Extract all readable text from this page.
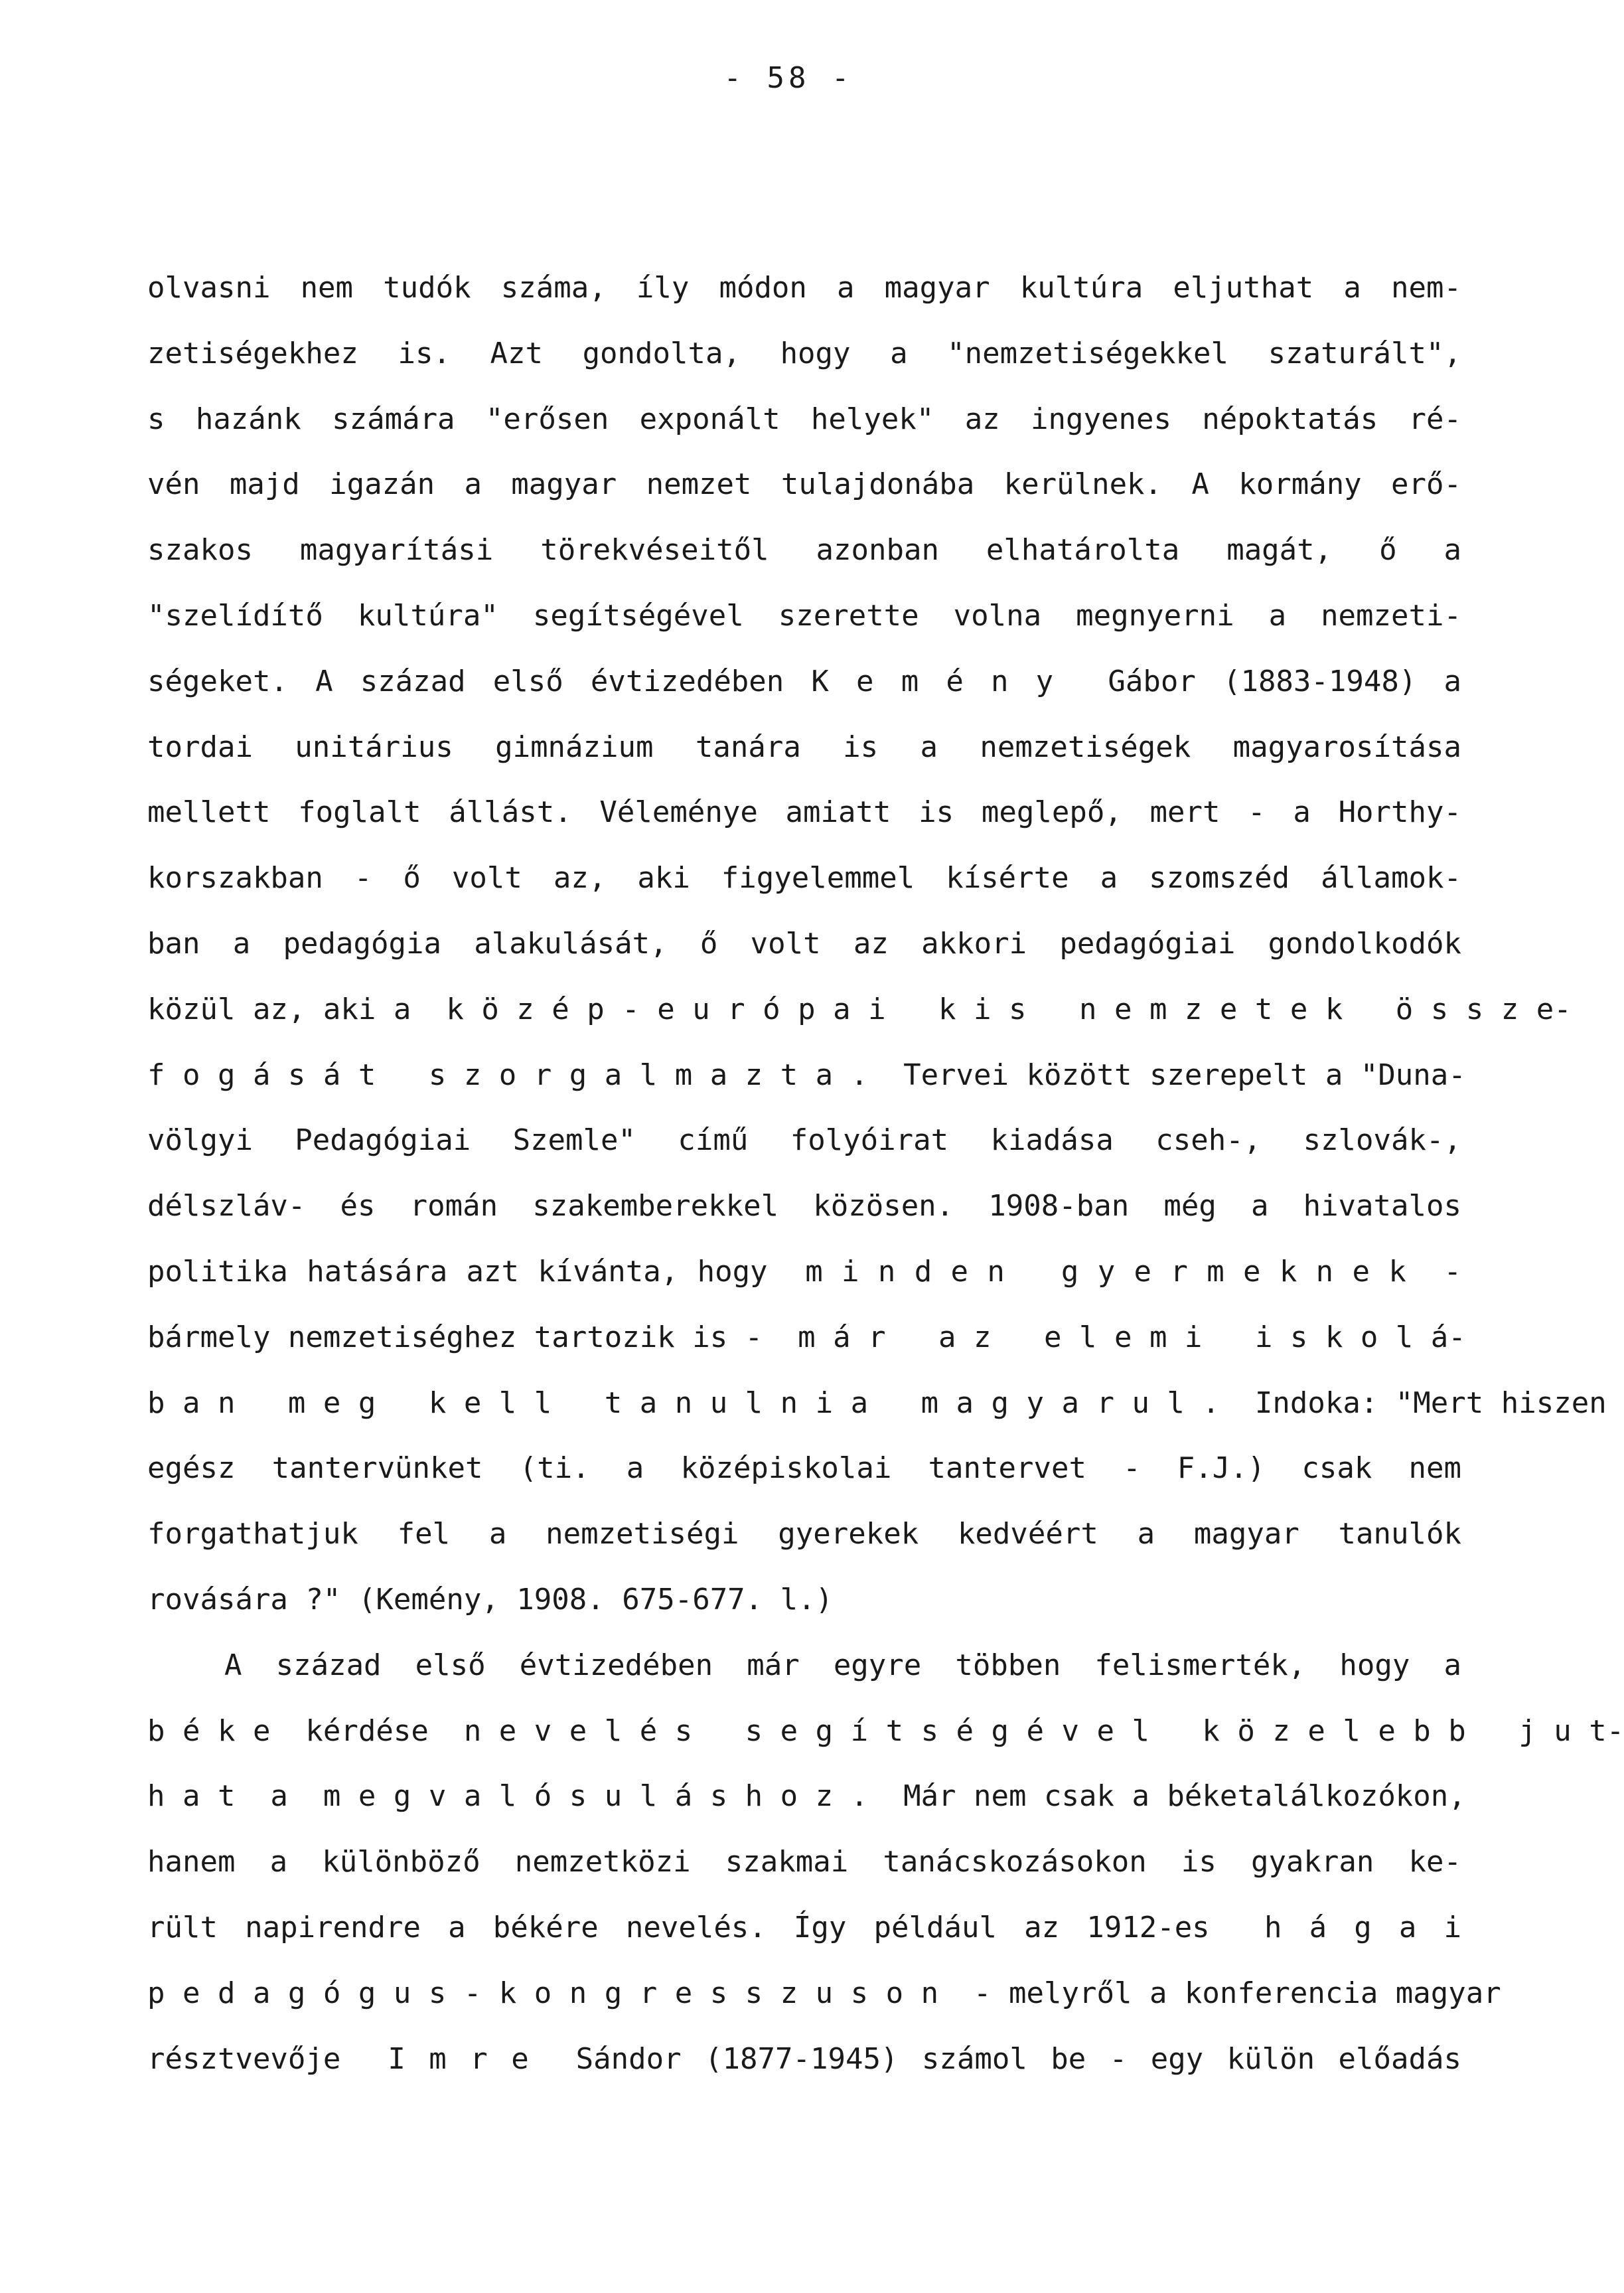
- 58 -
olvasni nem tudók száma, íly módon a magyar kultúra eljuthat a nem-
zetiségekhez is. Azt gondolta, hogy a "nemzetiségekkel szaturált",
s hazánk számára "erősen exponált helyek" az ingyenes népoktatás ré-
vén majd igazán a magyar nemzet tulajdonába kerülnek. A kormány erő-
szakos magyarítási törekvéseitől azonban elhatárolta magát, ő a
"szelídítő kultúra" segítségével szerette volna megnyerni a nemzeti-
ségeket. A század első évtizedében K e m é n y  Gábor (1883-1948) a
tordai unitárius gimnázium tanára is a nemzetiségek magyarosítása
mellett foglalt állást. Véleménye amiatt is meglepő, mert - a Horthy-
korszakban - ő volt az, aki figyelemmel kísérte a szomszéd államok-
ban a pedagógia alakulását, ő volt az akkori pedagógiai gondolkodók
közül az, aki a  k ö z é p - e u r ó p a i   k i s   n e m z e t e k   ö s s z e-
f o g á s á t   s z o r g a l m a z t a .  Tervei között szerepelt a "Duna-
völgyi Pedagógiai Szemle" című folyóirat kiadása cseh-, szlovák-,
délszláv- és román szakemberekkel közösen. 1908-ban még a hivatalos
politika hatására azt kívánta, hogy  m i n d e n   g y e r m e k n e k  -
bármely nemzetiséghez tartozik is -  m á r   a z   e l e m i   i s k o l á-
b a n   m e g   k e l l   t a n u l n i a   m a g y a r u l .  Indoka: "Mert hiszen
egész tantervünket (ti. a középiskolai tantervet - F.J.) csak nem
forgathatjuk fel a nemzetiségi gyerekek kedvéért a magyar tanulók
rovására ?" (Kemény, 1908. 675-677. l.)
A század első évtizedében már egyre többen felismerték, hogy a
b é k e  kérdése  n e v e l é s   s e g í t s é g é v e l   k ö z e l e b b   j u t-
h a t  a  m e g v a l ó s u l á s h o z .  Már nem csak a béketalálkozókon,
hanem a különböző nemzetközi szakmai tanácskozásokon is gyakran ke-
rült napirendre a békére nevelés. Így például az 1912-es  h á g a i
p e d a g ó g u s - k o n g r e s s z u s o n  - melyről a konferencia magyar
résztvevője  I m r e  Sándor (1877-1945) számol be - egy külön előadás
